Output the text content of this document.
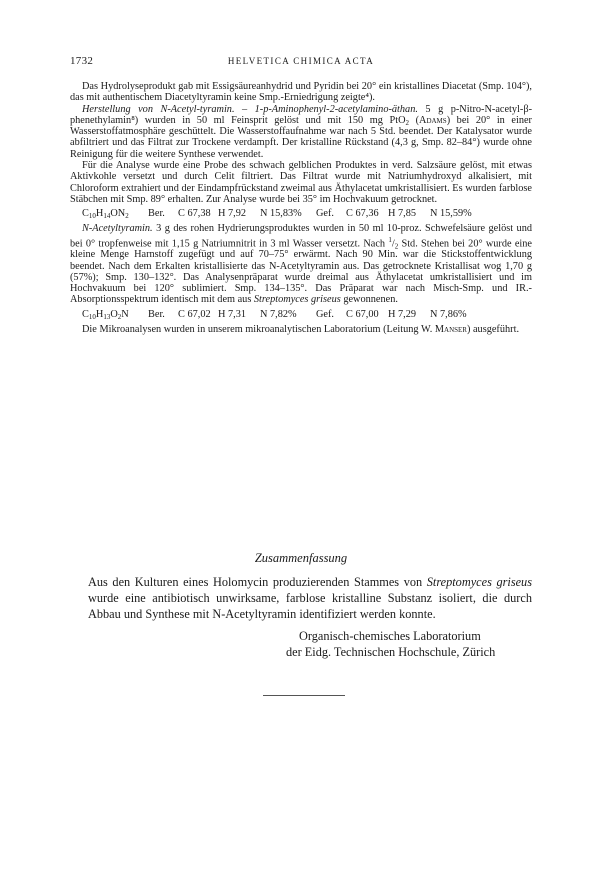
1732	HELVETICA CHIMICA ACTA

Das Hydrolyseprodukt gab mit Essigsäureanhydrid und Pyridin bei 20° ein kristallines Diacetat (Smp. 104°), das mit authentischem Diacetyltyramin keine Smp.-Erniedrigung zeigte⁴).

Herstellung von N-Acetyl-tyramin. – 1-p-Aminophenyl-2-acetylamino-äthan. 5 g p-Nitro-N-acetyl-β-phenethylamin⁸) wurden in 50 ml Feinsprit gelöst und mit 150 mg PtO$_2$ (Adams) bei 20° in einer Wasserstoffatmosphäre geschüttelt. Die Wasserstoffaufnahme war nach 5 Std. beendet. Der Katalysator wurde abfiltriert und das Filtrat zur Trockene verdampft. Der kristalline Rückstand (4,3 g, Smp. 82–84°) wurde ohne Reinigung für die weitere Synthese verwendet.

Für die Analyse wurde eine Probe des schwach gelblichen Produktes in verd. Salzsäure gelöst, mit etwas Aktivkohle versetzt und durch Celit filtriert. Das Filtrat wurde mit Natriumhydroxyd alkalisiert, mit Chloroform extrahiert und der Eindampfrückstand zweimal aus Äthylacetat umkristallisiert. Es wurden farblose Stäbchen mit Smp. 89° erhalten. Zur Analyse wurde bei 35° im Hochvakuum getrocknet.

$C_{10}H_{14}ON_2$	Ber.	C 67,38 H 7,92	N 15,83%	Gef.	C 67,36 H 7,85	N 15,59%

N-Acetyltyramin. 3 g des rohen Hydrierungsproduktes wurden in 50 ml 10-proz. Schwefelsäure gelöst und bei 0° tropfenweise mit 1,15 g Natriumnitrit in 3 ml Wasser versetzt. Nach $^1/_2$ Std. Stehen bei 20° wurde eine kleine Menge Harnstoff zugefügt und auf 70–75° erwärmt. Nach 90 Min. war die Stickstoffentwicklung beendet. Nach dem Erkalten kristallisierte das N-Acetyltyramin aus. Das getrocknete Kristallisat wog 1,70 g (57%); Smp. 130–132°. Das Analysenpräparat wurde dreimal aus Äthylacetat umkristallisiert und im Hochvakuum bei 120° sublimiert. Smp. 134–135°. Das Präparat war nach Misch-Smp. und IR.-Absorptionsspektrum identisch mit dem aus Streptomyces griseus gewonnenen.

$C_{10}H_{13}O_2N$	Ber.	C 67,02 H 7,31	N 7,82%	Gef.	C 67,00 H 7,29	N 7,86%

Die Mikroanalysen wurden in unserem mikroanalytischen Laboratorium (Leitung W. Manser) ausgeführt.

Zusammenfassung
Aus den Kulturen eines Holomycin produzierenden Stammes von Streptomyces griseus wurde eine antibiotisch unwirksame, farblose kristalline Substanz isoliert, die durch Abbau und Synthese mit N-Acetyltyramin identifiziert werden konnte.
Organisch-chemisches Laboratorium
der Eidg. Technischen Hochschule, Zürich
